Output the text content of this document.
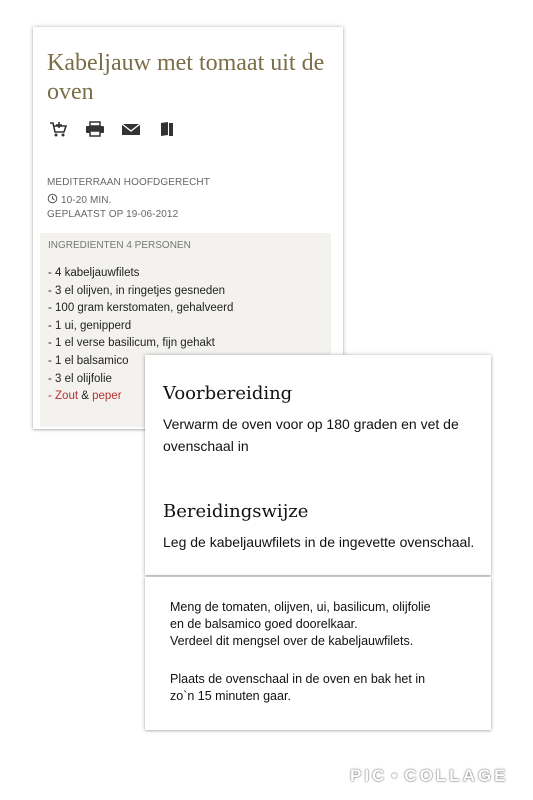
Kabeljauw met tomaat uit de oven
MEDITERRAAN HOOFDGERECHT
10-20 MIN.
GEPLAATST OP 19-06-2012
INGREDIENTEN 4 PERSONEN
- 4 kabeljauwfilets
- 3 el olijven, in ringetjes gesneden
- 100 gram kerstomaten, gehalveerd
- 1 ui, genipperd
- 1 el verse basilicum, fijn gehakt
- 1 el balsamico
- 3 el olijfolie
- Zout & peper	Voorbereiding
Verwarm de oven voor op 180 graden en vet de ovenschaal in
Bereidingswijze
Leg de kabeljauwfilets in de ingevette ovenschaal.
Meng de tomaten, olijven, ui, basilicum, olijfolie
en de balsamico goed doorelkaar.
Verdeel dit mengsel over de kabeljauwfilets.
Plaats de ovenschaal in de oven en bak het in
zo`n 15 minuten gaar.
PIC • COLLAGE
